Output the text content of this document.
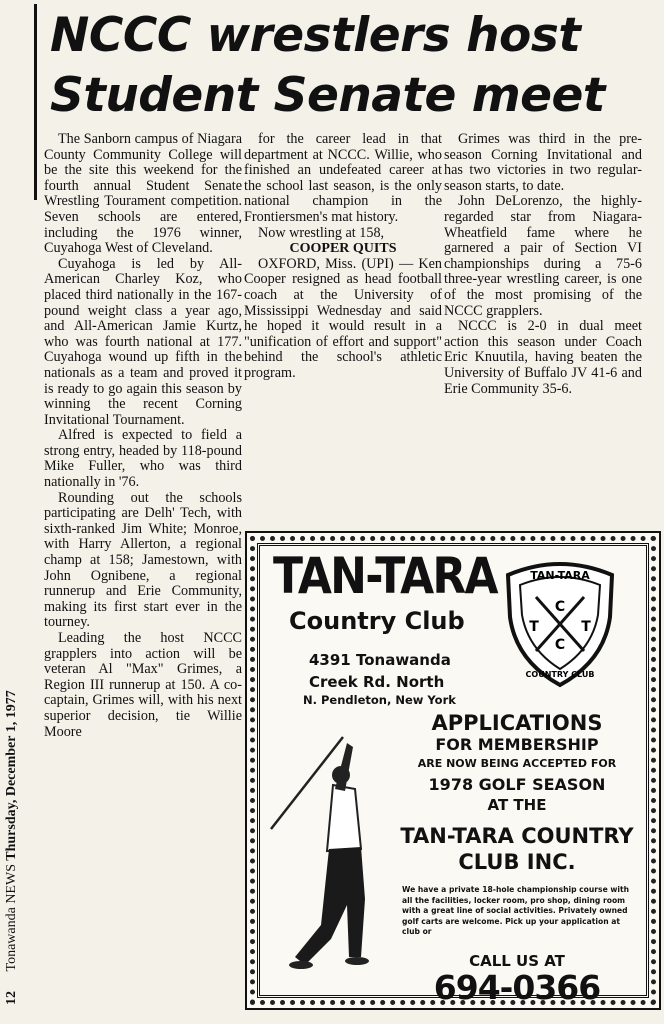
NCCC wrestlers host
Student Senate meet

The Sanborn campus of Niagara County Community College will be the site this weekend for the fourth annual Student Senate Wrestling Tourament competition. Seven schools are entered, including the 1976 winner, Cuyahoga West of Cleveland.

Cuyahoga is led by All-American Charley Koz, who placed third nationally in the 167-pound weight class a year ago, and All-American Jamie Kurtz, who was fourth national at 177. Cuyahoga wound up fifth in the nationals as a team and proved it is ready to go again this season by winning the recent Corning Invitational Tournament.

Alfred is expected to field a strong entry, headed by 118-pound Mike Fuller, who was third nationally in '76.

Rounding out the schools participating are Delh' Tech, with sixth-ranked Jim White; Monroe, with Harry Allerton, a regional champ at 158; Jamestown, with John Ognibene, a regional runnerup and Erie Community, making its first start ever in the tourney.

Leading the host NCCC grapplers into action will be veteran Al "Max" Grimes, a Region III runnerup at 150. A co-captain, Grimes will, with his next superior decision, tie Willie Moore

for the career lead in that department at NCCC. Willie, who finished an undefeated career at the school last season, is the only national champion in the Frontiersmen's mat history.

Now wrestling at 158,

COOPER QUITS

OXFORD, Miss. (UPI) — Ken Cooper resigned as head football coach at the University of Mississippi Wednesday and said he hoped it would result in a "unification of effort and support" behind the school's athletic program.

Grimes was third in the pre-season Corning Invitational and has two victories in two regular-season starts, to date.

John DeLorenzo, the highly-regarded star from Niagara-Wheatfield fame where he garnered a pair of Section VI championships during a 75-6 three-year wrestling career, is one of the most promising of the NCCC grapplers.

NCCC is 2-0 in dual meet action this season under Coach Eric Knuutila, having beaten the University of Buffalo JV 41-6 and Erie Community 35-6.

12 Tonawanda NEWS Thursday, December 1, 1977
TAN-TARA
Country Club
4391 Tonawanda
Creek Rd. North
N. Pendleton, New York
C
T	T
C
TAN-TARA
COUNTRY CLUB
APPLICATIONS
FOR MEMBERSHIP
ARE NOW BEING ACCEPTED FOR
1978 GOLF SEASON
AT THE
TAN-TARA COUNTRY
CLUB INC.
We have a private 18-hole championship course with all the facilities, locker room, pro shop, dining room with a great line of social activities. Privately owned golf carts are welcome. Pick up your application at club or
CALL US AT
694-0366
